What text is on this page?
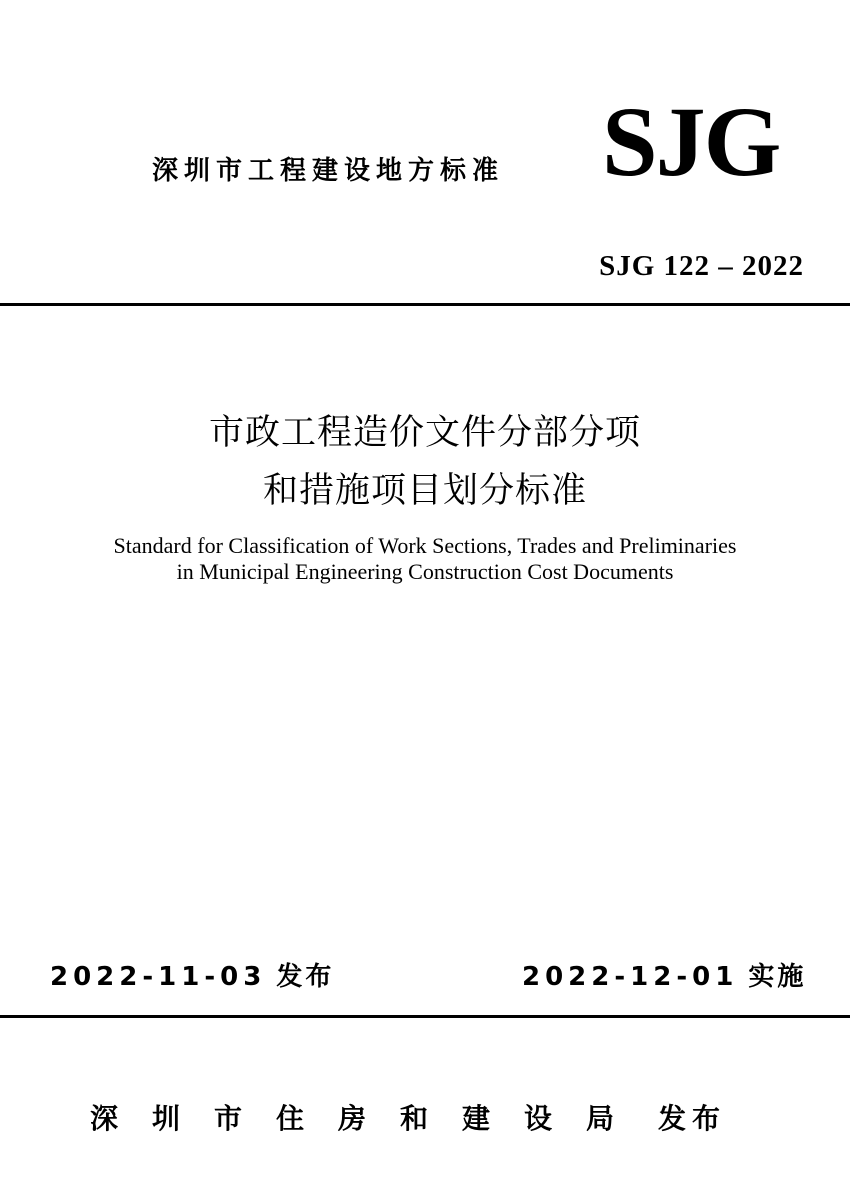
深圳市工程建设地方标准 SJG
SJG 122 – 2022
市政工程造价文件分部分项
和措施项目划分标准
Standard for Classification of Work Sections, Trades and Preliminaries
in Municipal Engineering Construction Cost Documents
2022-11-03 发布	2022-12-01 实施
深圳市住房和建设局 发布
